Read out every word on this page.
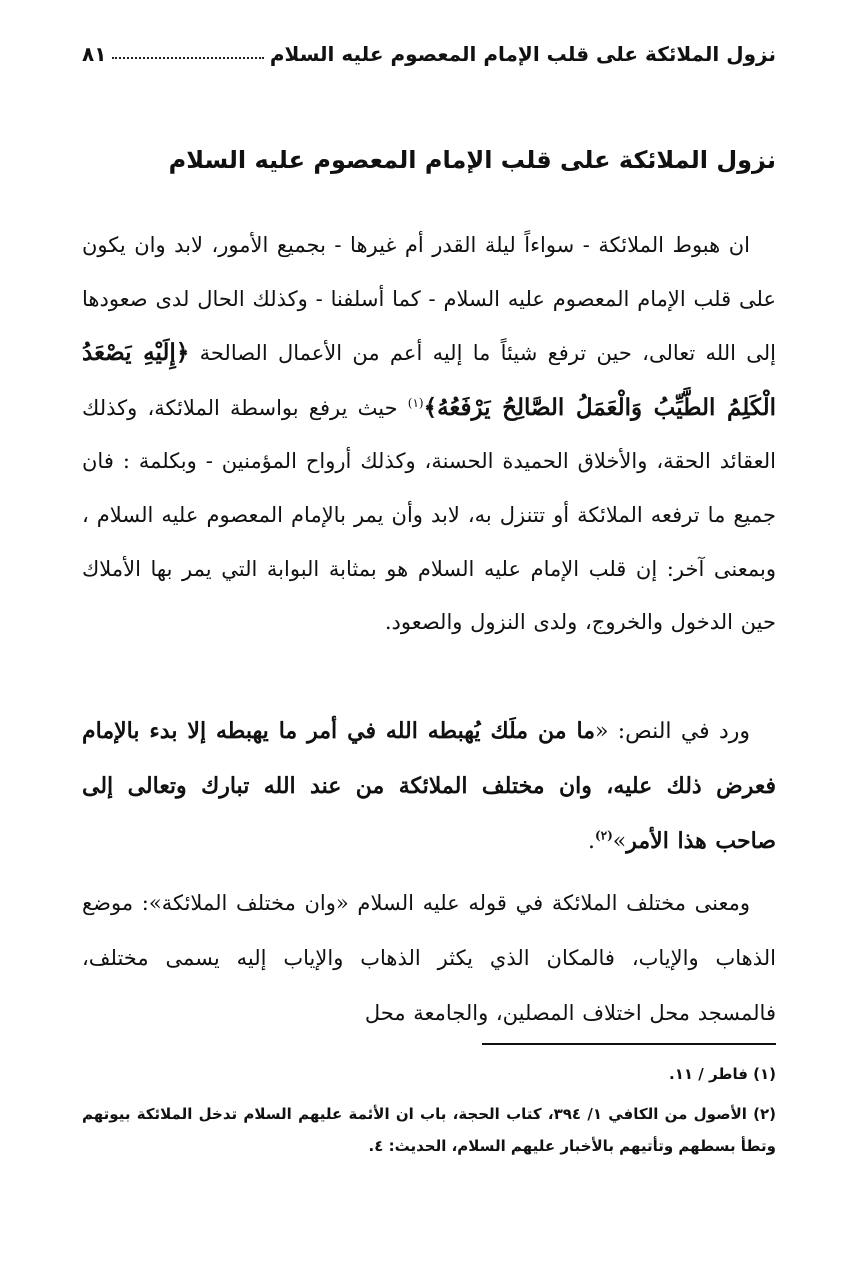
نزول الملائكة على قلب الإمام المعصوم عليه السلام
٨١
نزول الملائكة على قلب الإمام المعصوم عليه السلام

ان هبوط الملائكة - سواءاً ليلة القدر أم غيرها - بجميع الأمور، لابد وان يكون على قلب الإمام المعصوم عليه السلام - كما أسلفنا - وكذلك الحال لدى صعودها إلى الله تعالى، حين ترفع شيئاً ما إليه أعم من الأعمال الصالحة ﴿إِلَيْهِ يَصْعَدُ الْكَلِمُ الطَّيِّبُ وَالْعَمَلُ الصَّالِحُ يَرْفَعُهُ﴾$^{(١)}$ حيث يرفع بواسطة الملائكة، وكذلك العقائد الحقة، والأخلاق الحميدة الحسنة، وكذلك أرواح المؤمنين - وبكلمة : فان جميع ما ترفعه الملائكة أو تتنزل به، لابد وأن يمر بالإمام المعصوم عليه السلام ، وبمعنى آخر: إن قلب الإمام عليه السلام هو بمثابة البوابة التي يمر بها الأملاك حين الدخول والخروج، ولدى النزول والصعود.

ورد في النص: «ما من ملَك يُهبطه الله في أمر ما يهبطه إلا بدء بالإمام فعرض ذلك عليه، وان مختلف الملائكة من عند الله تبارك وتعالى إلى صاحب هذا الأمر»$^{(٢)}$.

ومعنى مختلف الملائكة في قوله عليه السلام «وان مختلف الملائكة»: موضع الذهاب والإياب، فالمكان الذي يكثر الذهاب والإياب إليه يسمى مختلف، فالمسجد محل اختلاف المصلين، والجامعة محل

(١) فاطر / ١١.

(٢) الأصول من الكافي ١/ ٣٩٤، كتاب الحجة، باب ان الأئمة عليهم السلام تدخل الملائكة بيوتهم وتطأ بسطهم وتأتيهم بالأخبار عليهم السلام، الحديث: ٤.
